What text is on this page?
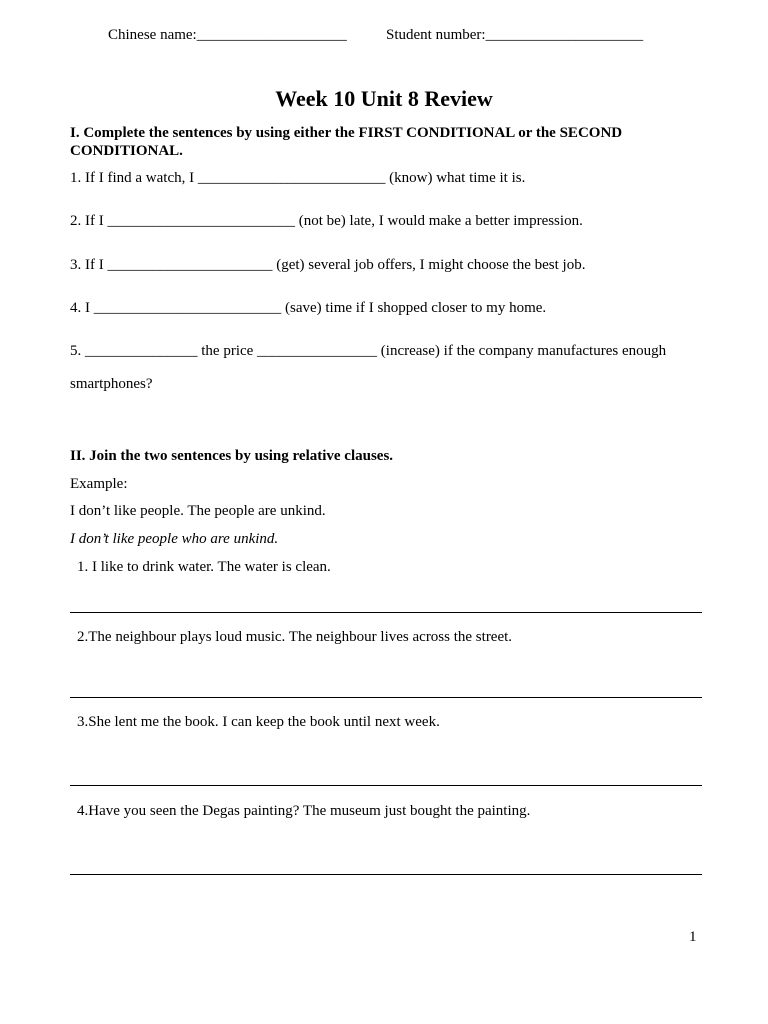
Chinese name:____________________	Student number:_____________________
Week 10 Unit 8 Review
I. Complete the sentences by using either the FIRST CONDITIONAL or the SECOND CONDITIONAL.
1. If I find a watch, I _________________________ (know) what time it is.
2. If I _________________________ (not be) late, I would make a better impression.
3. If I ______________________ (get) several job offers, I might choose the best job.
4. I _________________________ (save) time if I shopped closer to my home.
5. _______________ the price ________________ (increase) if the company manufactures enough
smartphones?
II. Join the two sentences by using relative clauses.
Example:
I don’t like people. The people are unkind.
I don’t like people who are unkind.
1. I like to drink water. The water is clean.
2.The neighbour plays loud music. The neighbour lives across the street.
3.She lent me the book. I can keep the book until next week.
4.Have you seen the Degas painting? The museum just bought the painting.
1
